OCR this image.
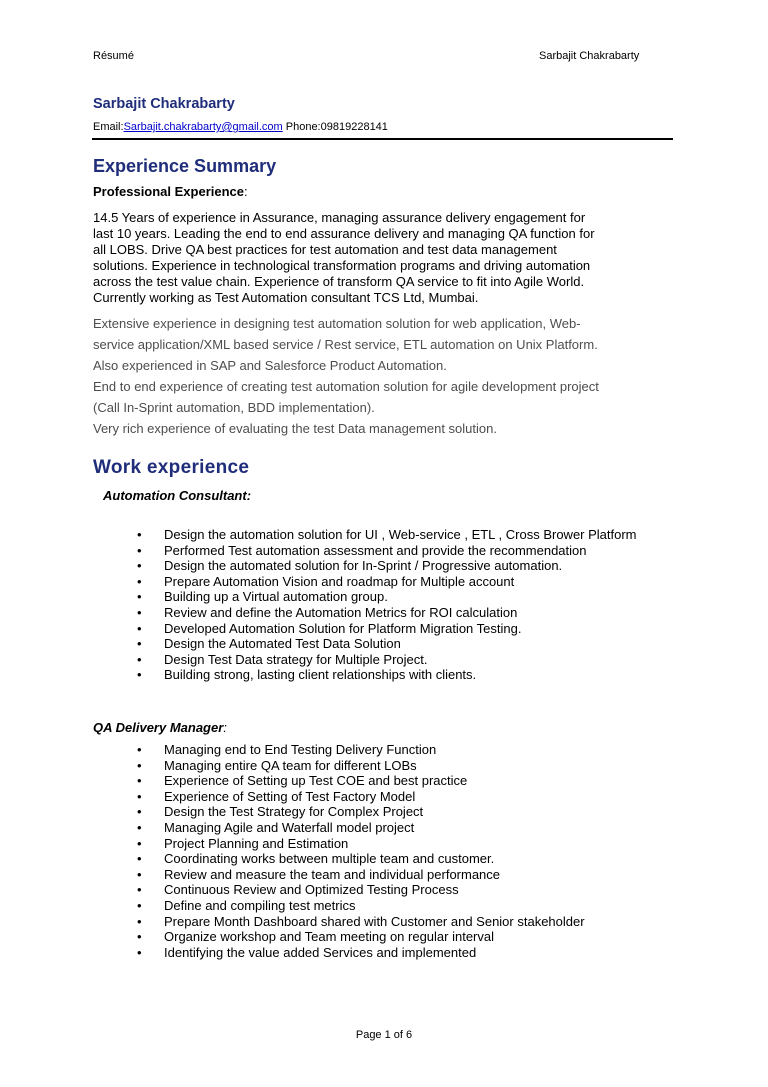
Résumé	Sarbajit Chakrabarty
Sarbajit Chakrabarty
Email:Sarbajit.chakrabarty@gmail.com Phone:09819228141
Experience Summary
Professional Experience:

14.5 Years of experience in Assurance, managing assurance delivery engagement for

last 10 years. Leading the end to end assurance delivery and managing QA function for

all LOBS. Drive QA best practices for test automation and test data management

solutions. Experience in technological transformation programs and driving automation

across the test value chain. Experience of transform QA service to fit into Agile World.

Currently working as Test Automation consultant TCS Ltd, Mumbai.

Extensive experience in designing test automation solution for web application, Web-

service application/XML based service / Rest service, ETL automation on Unix Platform.

Also experienced in SAP and Salesforce Product Automation.

End to end experience of creating test automation solution for agile development project

(Call In-Sprint automation, BDD implementation).

Very rich experience of evaluating the test Data management solution.

Work experience
Automation Consultant:
• Design the automation solution for UI , Web-service , ETL , Cross Brower Platform
• Performed Test automation assessment and provide the recommendation
• Design the automated solution for In-Sprint / Progressive automation.
• Prepare Automation Vision and roadmap for Multiple account
• Building up a Virtual automation group.
• Review and define the Automation Metrics for ROI calculation
• Developed Automation Solution for Platform Migration Testing.
• Design the Automated Test Data Solution
• Design Test Data strategy for Multiple Project.
• Building strong, lasting client relationships with clients.
QA Delivery Manager:
• Managing end to End Testing Delivery Function
• Managing entire QA team for different LOBs
• Experience of Setting up Test COE and best practice
• Experience of Setting of Test Factory Model
• Design the Test Strategy for Complex Project
• Managing Agile and Waterfall model project
• Project Planning and Estimation
• Coordinating works between multiple team and customer.
• Review and measure the team and individual performance
• Continuous Review and Optimized Testing Process
• Define and compiling test metrics
• Prepare Month Dashboard shared with Customer and Senior stakeholder
• Organize workshop and Team meeting on regular interval
• Identifying the value added Services and implemented
Page 1 of 6
